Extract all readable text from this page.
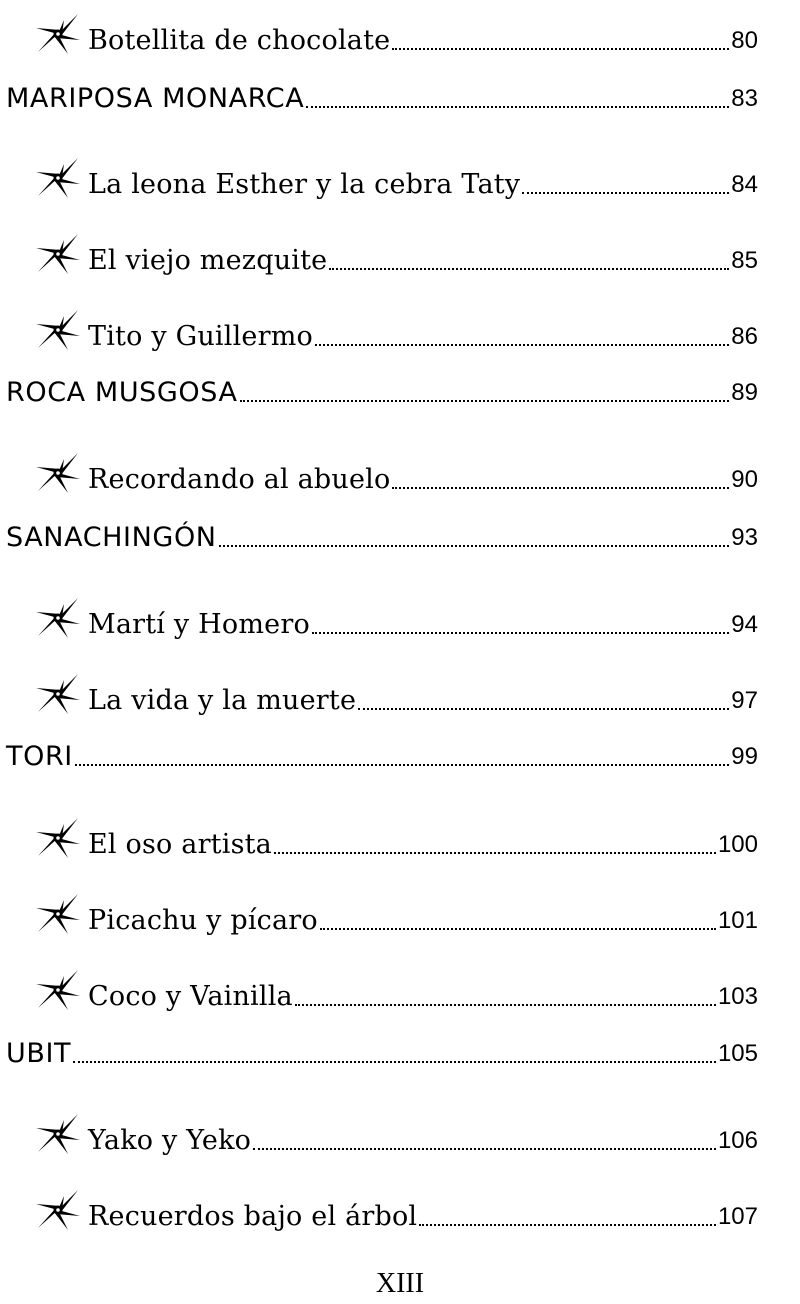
Botellita de chocolate	80
MARIPOSA MONARCA	83
La leona Esther y la cebra Taty	84
El viejo mezquite	85
Tito y Guillermo	86
ROCA MUSGOSA	89
Recordando al abuelo	90
SANACHINGÓN	93
Martí y Homero	94
La vida y la muerte	97
TORI	99
El oso artista	100
Picachu y pícaro	101
Coco y Vainilla	103
UBIT	105
Yako y Yeko	106
Recuerdos bajo el árbol	107
XIII
